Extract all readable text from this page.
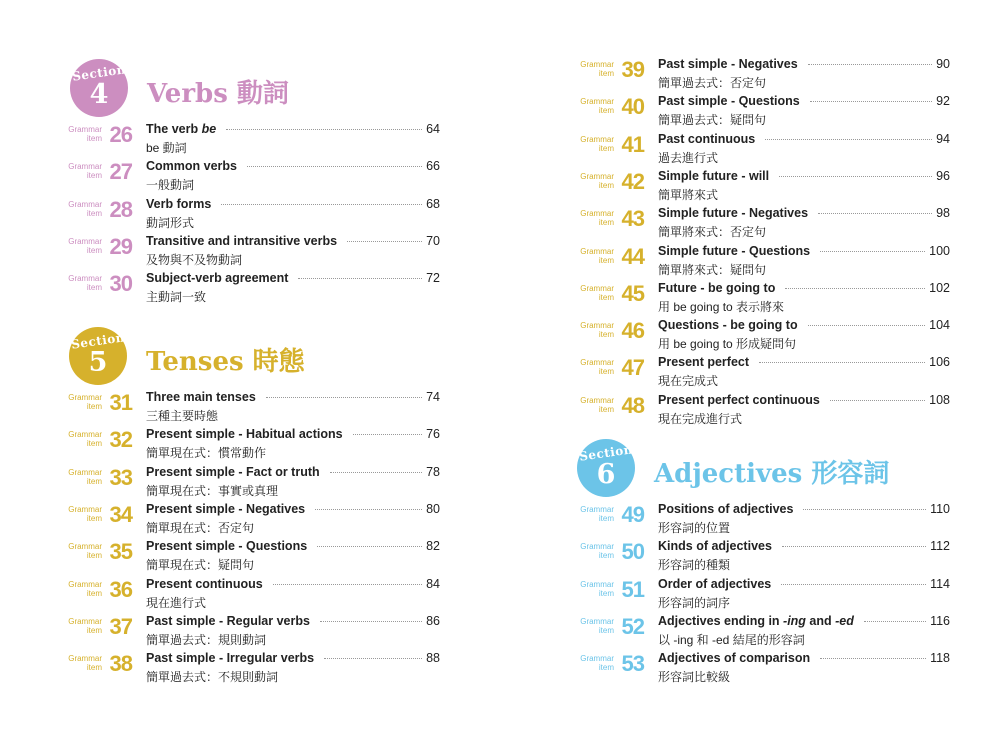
Section
4	Verbs 動詞
Grammar
item 26 The verb be	64
be 動詞
Grammar
item 27 Common verbs	66
一般動詞
Grammar
item 28 Verb forms	68
動詞形式
Grammar
item 29 Transitive and intransitive verbs	70
及物與不及物動詞
Grammar
item 30 Subject-verb agreement	72
主動詞一致
Section
5	Tenses 時態
Grammar
item 31 Three main tenses	74
三種主要時態
Grammar
item 32 Present simple - Habitual actions	76
簡單現在式：慣常動作
Grammar
item 33 Present simple - Fact or truth	78
簡單現在式：事實或真理
Grammar
item 34 Present simple - Negatives	80
簡單現在式：否定句
Grammar
item 35 Present simple - Questions	82
簡單現在式：疑問句
Grammar
item 36 Present continuous	84
現在進行式
Grammar
item 37 Past simple - Regular verbs	86
簡單過去式：規則動詞
Grammar
item 38 Past simple - Irregular verbs	88
簡單過去式：不規則動詞
Grammar
item 39 Past simple - Negatives	90
簡單過去式：否定句
Grammar
item 40 Past simple - Questions	92
簡單過去式：疑問句
Grammar
item 41 Past continuous	94
過去進行式
Grammar
item 42 Simple future - will	96
簡單將來式
Grammar
item 43 Simple future - Negatives	98
簡單將來式：否定句
Grammar
item 44 Simple future - Questions	100
簡單將來式：疑問句
Grammar
item 45 Future - be going to	102
用 be going to 表示將來
Grammar
item 46 Questions - be going to	104
用 be going to 形成疑問句
Grammar
item 47 Present perfect	106
現在完成式
Grammar
item 48 Present perfect continuous	108
現在完成進行式
Section
6	Adjectives 形容詞
Grammar
item 49 Positions of adjectives	110
形容詞的位置
Grammar
item 50 Kinds of adjectives	112
形容詞的種類
Grammar
item 51 Order of adjectives	114
形容詞的詞序
Grammar
item 52 Adjectives ending in -ing and -ed	116
以 -ing 和 -ed 結尾的形容詞
Grammar
item 53 Adjectives of comparison	118
形容詞比較級
